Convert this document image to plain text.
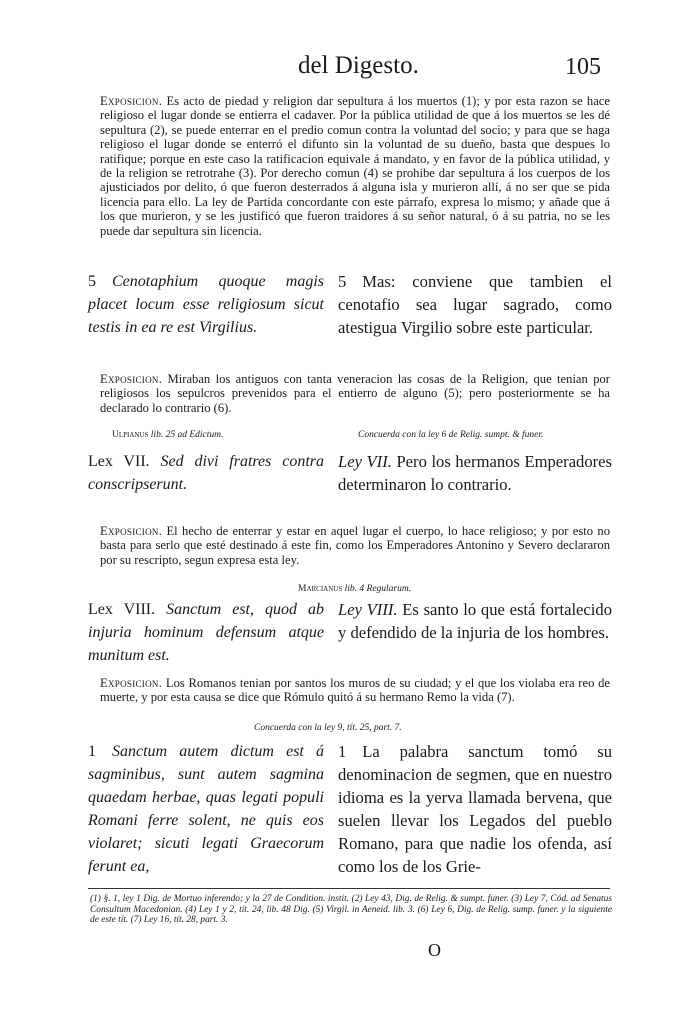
del Digesto.	105
Exposicion. Es acto de piedad y religion dar sepultura á los muertos (1); y por esta razon se hace religioso el lugar donde se entierra el cadaver. Por la pública utilidad de que á los muertos se les dé sepultura (2), se puede enterrar en el predio comun contra la voluntad del socio; y para que se haga religioso el lugar donde se enterró el difunto sin la voluntad de su dueño, basta que despues lo ratifique; porque en este caso la ratificacion equivale á mandato, y en favor de la pública utilidad, y de la religion se retrotrahe (3). Por derecho comun (4) se prohibe dar sepultura á los cuerpos de los ajusticiados por delito, ó que fueron desterrados á alguna isla y murieron allí, á no ser que se pida licencia para ello. La ley de Partida concordante con este párrafo, expresa lo mismo; y añade que á los que murieron, y se les justificó que fueron traidores á su señor natural, ó á su patria, no se les puede dar sepultura sin licencia.
5 Cenotaphium quoque magis placet locum esse religiosum sicut testis in ea re est Virgilius.
5 Mas: conviene que tambien el cenotafio sea lugar sagrado, como atestigua Virgilio sobre este particular.
Exposicion. Miraban los antiguos con tanta veneracion las cosas de la Religion, que tenian por religiosos los sepulcros prevenidos para el entierro de alguno (5); pero posteriormente se ha declarado lo contrario (6).
Ulpianus lib. 25 ad Edictum.	Concuerda con la ley 6 de Relig. sumpt. & funer.
Lex VII. Sed divi fratres contra conscripserunt.
Ley VII. Pero los hermanos Emperadores determinaron lo contrario.
Exposicion. El hecho de enterrar y estar en aquel lugar el cuerpo, lo hace religioso; y por esto no basta para serlo que esté destinado á este fin, como los Emperadores Antonino y Severo declararon por su rescripto, segun expresa esta ley.
Marcianus lib. 4 Regularum.
Lex VIII. Sanctum est, quod ab injuria hominum defensum atque munitum est.
Ley VIII. Es santo lo que está fortalecido y defendido de la injuria de los hombres.
Exposicion. Los Romanos tenian por santos los muros de su ciudad; y el que los violaba era reo de muerte, y por esta causa se dice que Rómulo quitó á su hermano Remo la vida (7).
Concuerda con la ley 9, tít. 25, part. 7.
1 Sanctum autem dictum est á sagminibus, sunt autem sagmina quaedam herbae, quas legati populi Romani ferre solent, ne quis eos violaret; sicuti legati Graecorum ferunt ea,
1 La palabra sanctum tomó su denominacion de segmen, que en nuestro idioma es la yerva llamada bervena, que suelen llevar los Legados del pueblo Romano, para que nadie los ofenda, así como los de los Grie-
(1) §. 1, ley 1 Dig. de Mortuo inferendo; y la 27 de Condition. instit. (2) Ley 43, Dig. de Relig. & sumpt. funer. (3) Ley 7, Cód. ad Senatus Consultum Macedonian. (4) Ley 1 y 2, tít. 24, lib. 48 Dig. (5) Virgil. in Aeneid. lib. 3. (6) Ley 6, Dig. de Relig. sump. funer. y la siguiente de este tít. (7) Ley 16, tít. 28, part. 3.
O
